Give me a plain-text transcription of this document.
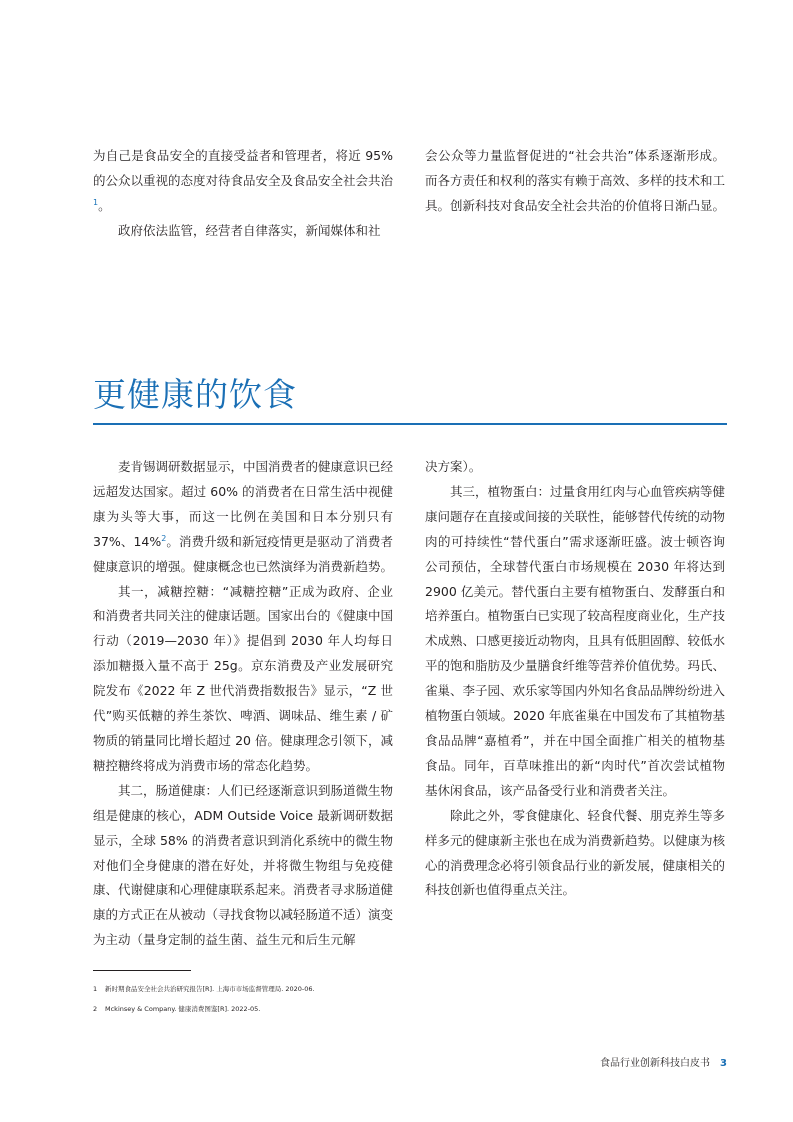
为自己是食品安全的直接受益者和管理者，将近 95% 的公众以重视的态度对待食品安全及食品安全社会共治$^1$。

政府依法监管，经营者自律落实，新闻媒体和社

会公众等力量监督促进的“社会共治”体系逐渐形成。而各方责任和权利的落实有赖于高效、多样的技术和工具。创新科技对食品安全社会共治的价值将日渐凸显。

更健康的饮食

麦肯锡调研数据显示，中国消费者的健康意识已经远超发达国家。超过 60% 的消费者在日常生活中视健康为头等大事，而这一比例在美国和日本分别只有 37%、14%$^2$。消费升级和新冠疫情更是驱动了消费者健康意识的增强。健康概念也已然演绎为消费新趋势。

其一，减糖控糖：“减糖控糖”正成为政府、企业和消费者共同关注的健康话题。国家出台的《健康中国行动（2019—2030 年）》提倡到 2030 年人均每日添加糖摄入量不高于 25g。京东消费及产业发展研究院发布《2022 年 Z 世代消费指数报告》显示，“Z 世代”购买低糖的养生茶饮、啤酒、调味品、维生素 / 矿物质的销量同比增长超过 20 倍。健康理念引领下，减糖控糖终将成为消费市场的常态化趋势。

其二，肠道健康：人们已经逐渐意识到肠道微生物组是健康的核心，ADM Outside Voice 最新调研数据显示，全球 58% 的消费者意识到消化系统中的微生物对他们全身健康的潜在好处，并将微生物组与免疫健康、代谢健康和心理健康联系起来。消费者寻求肠道健康的方式正在从被动（寻找食物以减轻肠道不适）演变为主动（量身定制的益生菌、益生元和后生元解

决方案）。

其三，植物蛋白：过量食用红肉与心血管疾病等健康问题存在直接或间接的关联性，能够替代传统的动物肉的可持续性“替代蛋白”需求逐渐旺盛。波士顿咨询公司预估，全球替代蛋白市场规模在 2030 年将达到 2900 亿美元。替代蛋白主要有植物蛋白、发酵蛋白和培养蛋白。植物蛋白已实现了较高程度商业化，生产技术成熟、口感更接近动物肉，且具有低胆固醇、较低水平的饱和脂肪及少量膳食纤维等营养价值优势。玛氏、雀巢、李子园、欢乐家等国内外知名食品品牌纷纷进入植物蛋白领域。2020 年底雀巢在中国发布了其植物基食品品牌“嘉植肴”，并在中国全面推广相关的植物基食品。同年，百草味推出的新“肉时代”首次尝试植物基休闲食品，该产品备受行业和消费者关注。

除此之外，零食健康化、轻食代餐、朋克养生等多样多元的健康新主张也在成为消费新趋势。以健康为核心的消费理念必将引领食品行业的新发展，健康相关的科技创新也值得重点关注。

1 新时期食品安全社会共治研究报告[R]. 上海市市场监督管理局. 2020-06.
2 Mckinsey & Company. 健康消费图鉴[R]. 2022-05.
食品行业创新科技白皮书 3
